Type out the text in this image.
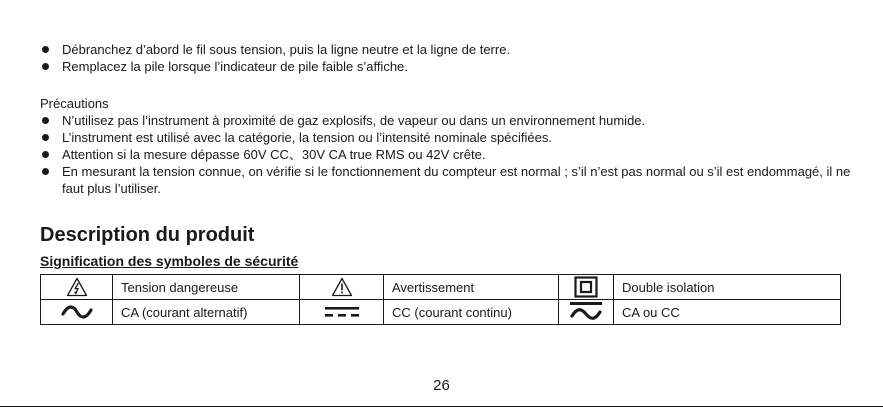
Débranchez d’abord le fil sous tension, puis la ligne neutre et la ligne de terre.
Remplacez la pile lorsque l’indicateur de pile faible s’affiche.
Précautions
N’utilisez pas l’instrument à proximité de gaz explosifs, de vapeur ou dans un environnement humide.
L’instrument est utilisé avec la catégorie, la tension ou l’intensité nominale spécifiées.
Attention si la mesure dépasse 60V CC、30V CA true RMS ou 42V crête.
En mesurant la tension connue, on vérifie si le fonctionnement du compteur est normal ; s’il n’est pas normal ou s’il est endommagé, il ne faut plus l’utiliser.
Description du produit
Signification des symboles de sécurité
	Tension dangereuse		Avertissement		Double isolation

	CA (courant alternatif)		CC (courant continu)		CA ou CC
26
